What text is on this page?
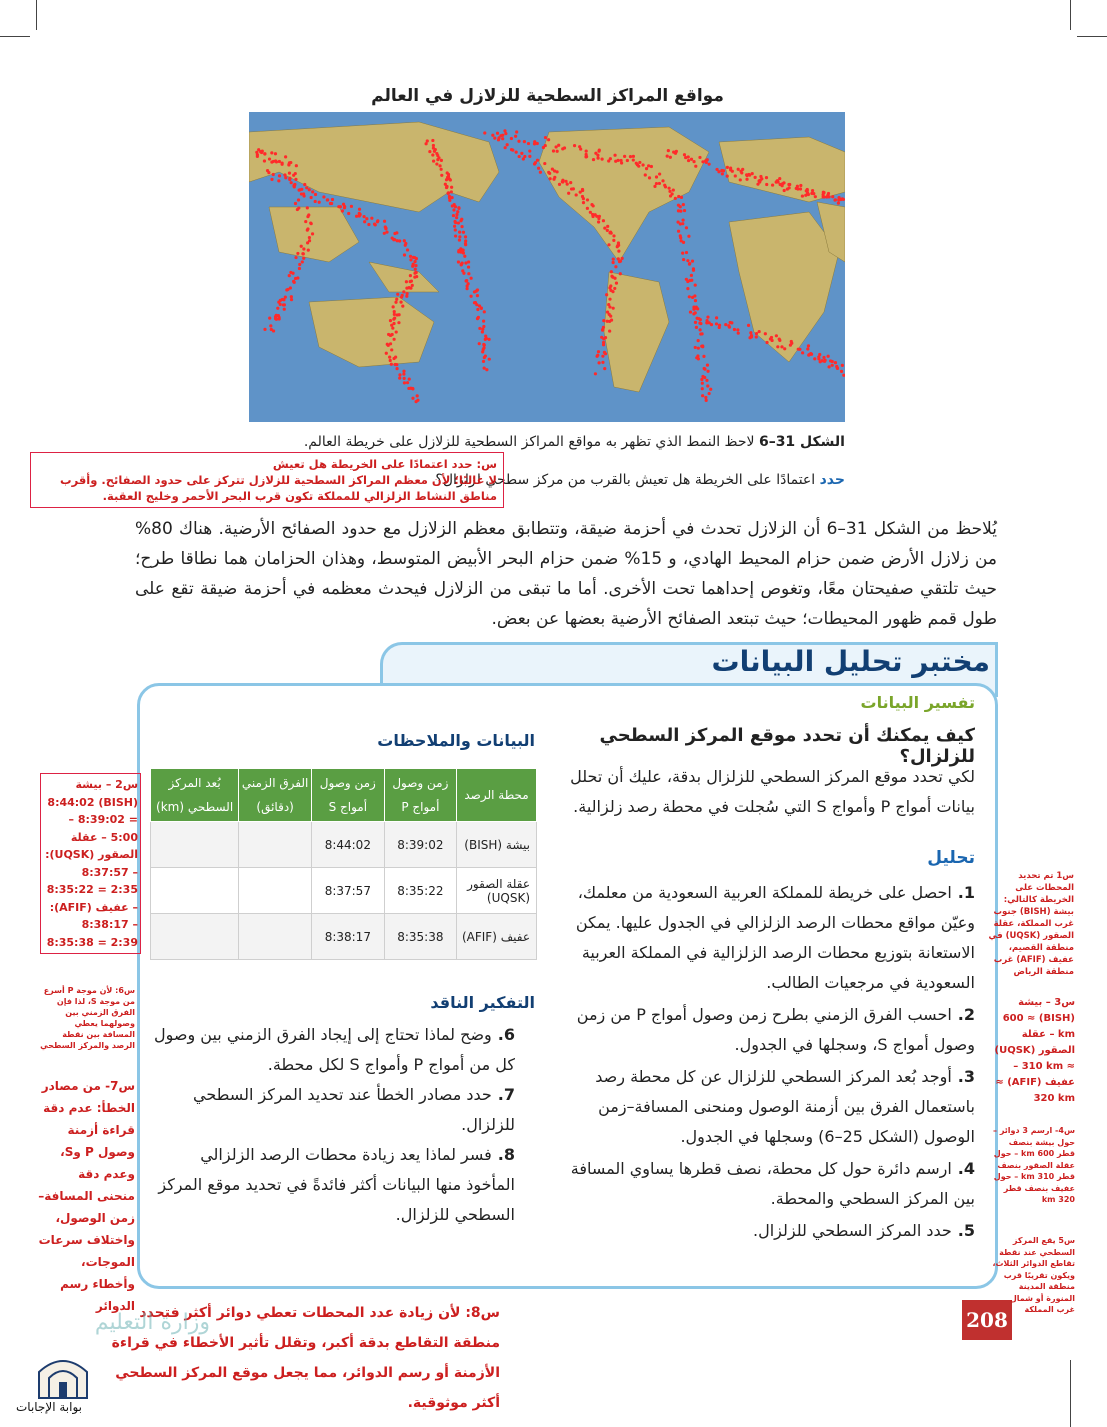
مواقع المراكز السطحية للزلازل في العالم
الشكل 31–6 لاحظ النمط الذي تظهر به مواقع المراكز السطحية للزلازل على خريطة العالم.
حدد اعتمادًا على الخريطة هل تعيش بالقرب من مركز سطحي لزلزال؟
س: حدد اعتمادًا على الخريطة هل تعيش
لا غالبًا؛ لأن معظم المراكز السطحية للزلازل تتركز على حدود الصفائح. وأقرب مناطق النشاط الزلزالي للمملكة تكون قرب البحر الأحمر وخليج العقبة.
يُلاحظ من الشكل 31–6 أن الزلازل تحدث في أحزمة ضيقة، وتتطابق معظم الزلازل مع حدود الصفائح الأرضية. هناك 80% من زلازل الأرض ضمن حزام المحيط الهادي، و 15% ضمن حزام البحر الأبيض المتوسط، وهذان الحزامان هما نطاقا طرح؛ حيث تلتقي صفيحتان معًا، وتغوص إحداهما تحت الأخرى. أما ما تبقى من الزلازل فيحدث معظمه في أحزمة ضيقة تقع على طول قمم ظهور المحيطات؛ حيث تبتعد الصفائح الأرضية بعضها عن بعض.
مختبر تحليل البيانات
تفسير البيانات
كيف يمكنك أن تحدد موقع المركز السطحي للزلزال؟
لكي تحدد موقع المركز السطحي للزلزال بدقة، عليك أن تحلل بيانات أمواج P وأمواج S التي سُجلت في محطة رصد زلزالية.
تحليل
1.احصل على خريطة للمملكة العربية السعودية من معلمك، وعيّن مواقع محطات الرصد الزلزالي في الجدول عليها. يمكن الاستعانة بتوزيع محطات الرصد الزلزالية في المملكة العربية السعودية في مرجعيات الطالب.
2.احسب الفرق الزمني بطرح زمن وصول أمواج P من زمن وصول أمواج S، وسجلها في الجدول.
3.أوجد بُعد المركز السطحي للزلزال عن كل محطة رصد باستعمال الفرق بين أزمنة الوصول ومنحنى المسافة–زمن الوصول (الشكل 25–6) وسجلها في الجدول.
4.ارسم دائرة حول كل محطة، نصف قطرها يساوي المسافة بين المركز السطحي والمحطة.
5.حدد المركز السطحي للزلزال.
البيانات والملاحظات
محطة الرصد	زمن وصول أمواج P	زمن وصول أمواج S	الفرق الزمني (دقائق)	بُعد المركز السطحي (km)
بيشة (BISH)	8:39:02	8:44:02		
عقلة الصقور (UQSK)	8:35:22	8:37:57		
عفيف (AFIF)	8:35:38	8:38:17		
التفكير الناقد
6.وضح لماذا تحتاج إلى إيجاد الفرق الزمني بين وصول كل من أمواج P وأمواج S لكل محطة.
7.حدد مصادر الخطأ عند تحديد المركز السطحي للزلزال.
8.فسر لماذا يعد زيادة محطات الرصد الزلزالي المأخوذ منها البيانات أكثر فائدةً في تحديد موقع المركز السطحي للزلزال.
208
س2 – بيشة (BISH) 8:44:02 – 8:39:02 = 5:00 – عقلة الصقور (UQSK): 8:37:57 – 8:35:22 = 2:35 – عفيف (AFIF): 8:38:17 – 8:35:38 = 2:39
س6: لأن موجة P أسرع من موجة S، لذا فإن الفرق الزمني بين وصولهما يعطي المسافة بين نقطة الرصد والمركز السطحي
س7- من مصادر الخطأ: عدم دقة قراءة أزمنة وصول P وS، وعدم دقة منحنى المسافة–زمن الوصول، واختلاف سرعات الموجات، وأخطاء رسم الدوائر
س1 تم تحديد المحطات على الخريطة كالتالي: بيشة (BISH) جنوب غرب المملكة، عقلة الصقور (UQSK) في منطقة القصيم، عفيف (AFIF) غرب منطقة الرياض
س3 – بيشة (BISH) ≈ 600 km – عقلة الصقور (UQSK) ≈ 310 km – عفيف (AFIF) ≈ 320 km
س4- ارسم 3 دوائر – حول بيشة بنصف قطر 600 km – حول عقلة الصقور بنصف قطر 310 km – حول عفيف بنصف قطر 320 km
س5 يقع المركز السطحي عند نقطة تقاطع الدوائر الثلاث، ويكون تقريبًا قرب منطقة المدينة المنورة أو شمال غرب المملكة
س8: لأن زيادة عدد المحطات تعطي دوائر أكثر فتحدد منطقة التقاطع بدقة أكبر، وتقلل تأثير الأخطاء في قراءة الأزمنة أو رسم الدوائر، مما يجعل موقع المركز السطحي أكثر موثوقية.
وزارة التعليم
بوابة الإجابات
